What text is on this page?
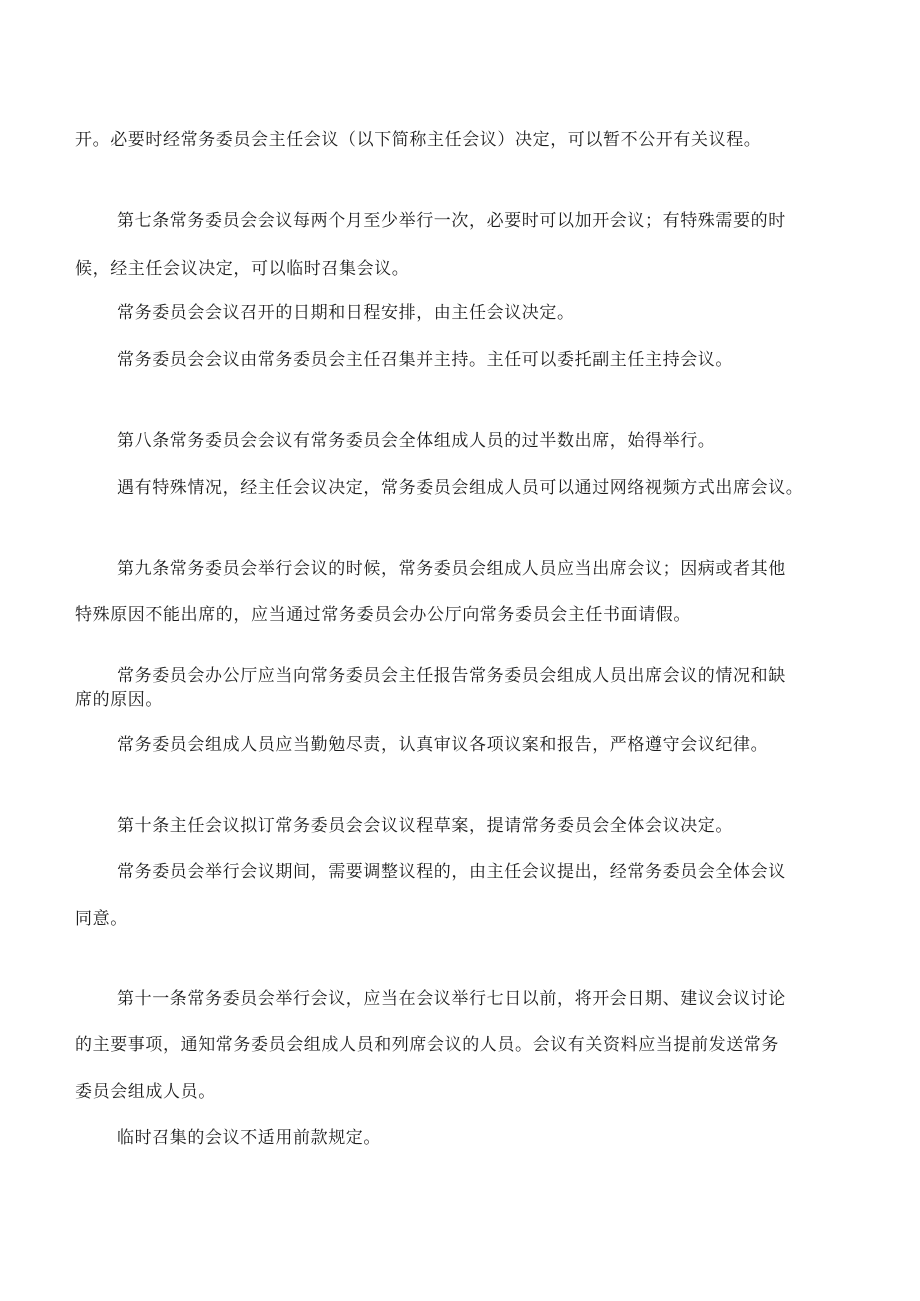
开。必要时经常务委员会主任会议（以下简称主任会议）决定，可以暂不公开有关议程。

第七条常务委员会会议每两个月至少举行一次，必要时可以加开会议；有特殊需要的时

候，经主任会议决定，可以临时召集会议。

常务委员会会议召开的日期和日程安排，由主任会议决定。

常务委员会会议由常务委员会主任召集并主持。主任可以委托副主任主持会议。

第八条常务委员会会议有常务委员会全体组成人员的过半数出席，始得举行。

遇有特殊情况，经主任会议决定，常务委员会组成人员可以通过网络视频方式出席会议。

第九条常务委员会举行会议的时候，常务委员会组成人员应当出席会议；因病或者其他

特殊原因不能出席的，应当通过常务委员会办公厅向常务委员会主任书面请假。

常务委员会办公厅应当向常务委员会主任报告常务委员会组成人员出席会议的情况和缺

席的原因。

常务委员会组成人员应当勤勉尽责，认真审议各项议案和报告，严格遵守会议纪律。

第十条主任会议拟订常务委员会会议议程草案，提请常务委员会全体会议决定。

常务委员会举行会议期间，需要调整议程的，由主任会议提出，经常务委员会全体会议

同意。

第十一条常务委员会举行会议，应当在会议举行七日以前，将开会日期、建议会议讨论

的主要事项，通知常务委员会组成人员和列席会议的人员。会议有关资料应当提前发送常务

委员会组成人员。

临时召集的会议不适用前款规定。
